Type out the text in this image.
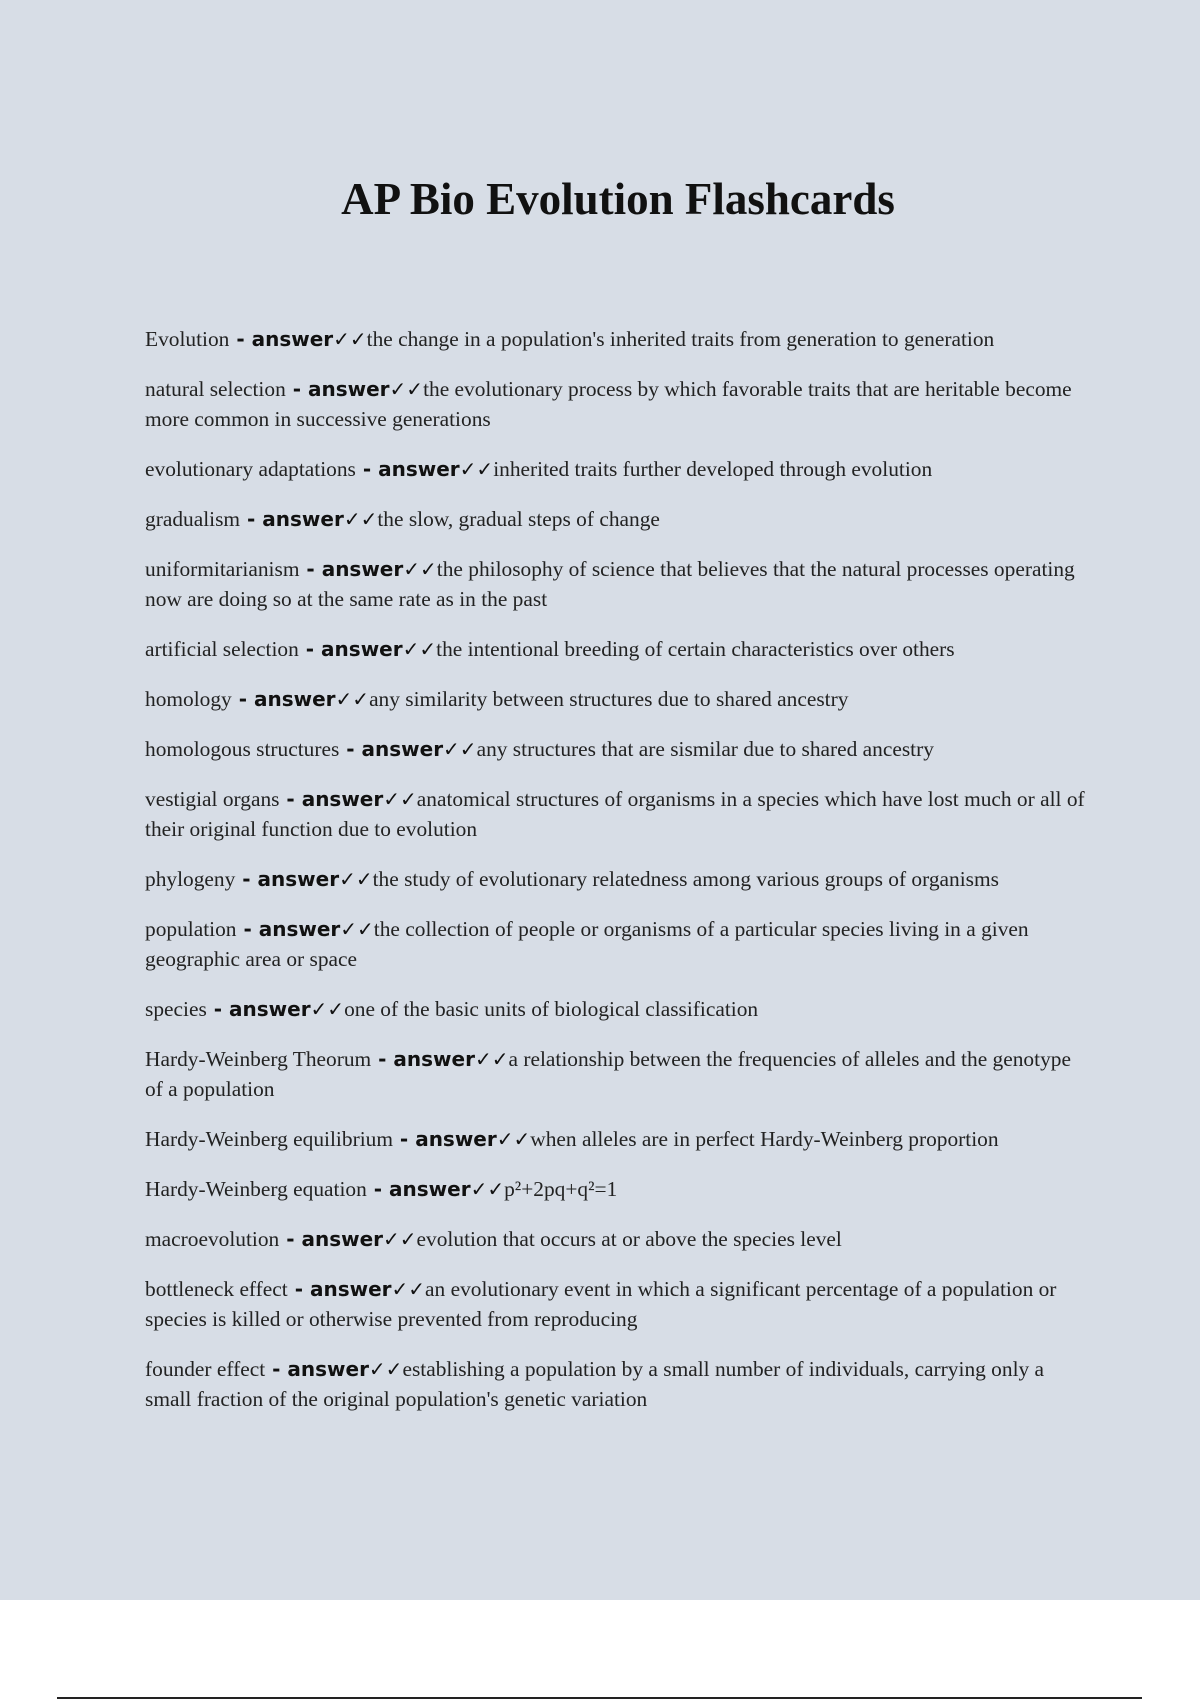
AP Bio Evolution Flashcards
Evolution - answer✓✓the change in a population's inherited traits from generation to generation
natural selection - answer✓✓the evolutionary process by which favorable traits that are heritable become more common in successive generations
evolutionary adaptations - answer✓✓inherited traits further developed through evolution
gradualism - answer✓✓the slow, gradual steps of change
uniformitarianism - answer✓✓the philosophy of science that believes that the natural processes operating now are doing so at the same rate as in the past
artificial selection - answer✓✓the intentional breeding of certain characteristics over others
homology - answer✓✓any similarity between structures due to shared ancestry
homologous structures - answer✓✓any structures that are sismilar due to shared ancestry
vestigial organs - answer✓✓anatomical structures of organisms in a species which have lost much or all of their original function due to evolution
phylogeny - answer✓✓the study of evolutionary relatedness among various groups of organisms
population - answer✓✓the collection of people or organisms of a particular species living in a given geographic area or space
species - answer✓✓one of the basic units of biological classification
Hardy-Weinberg Theorum - answer✓✓a relationship between the frequencies of alleles and the genotype of a population
Hardy-Weinberg equilibrium - answer✓✓when alleles are in perfect Hardy-Weinberg proportion
Hardy-Weinberg equation - answer✓✓p²+2pq+q²=1
macroevolution - answer✓✓evolution that occurs at or above the species level
bottleneck effect - answer✓✓an evolutionary event in which a significant percentage of a population or species is killed or otherwise prevented from reproducing
founder effect - answer✓✓establishing a population by a small number of individuals, carrying only a small fraction of the original population's genetic variation
